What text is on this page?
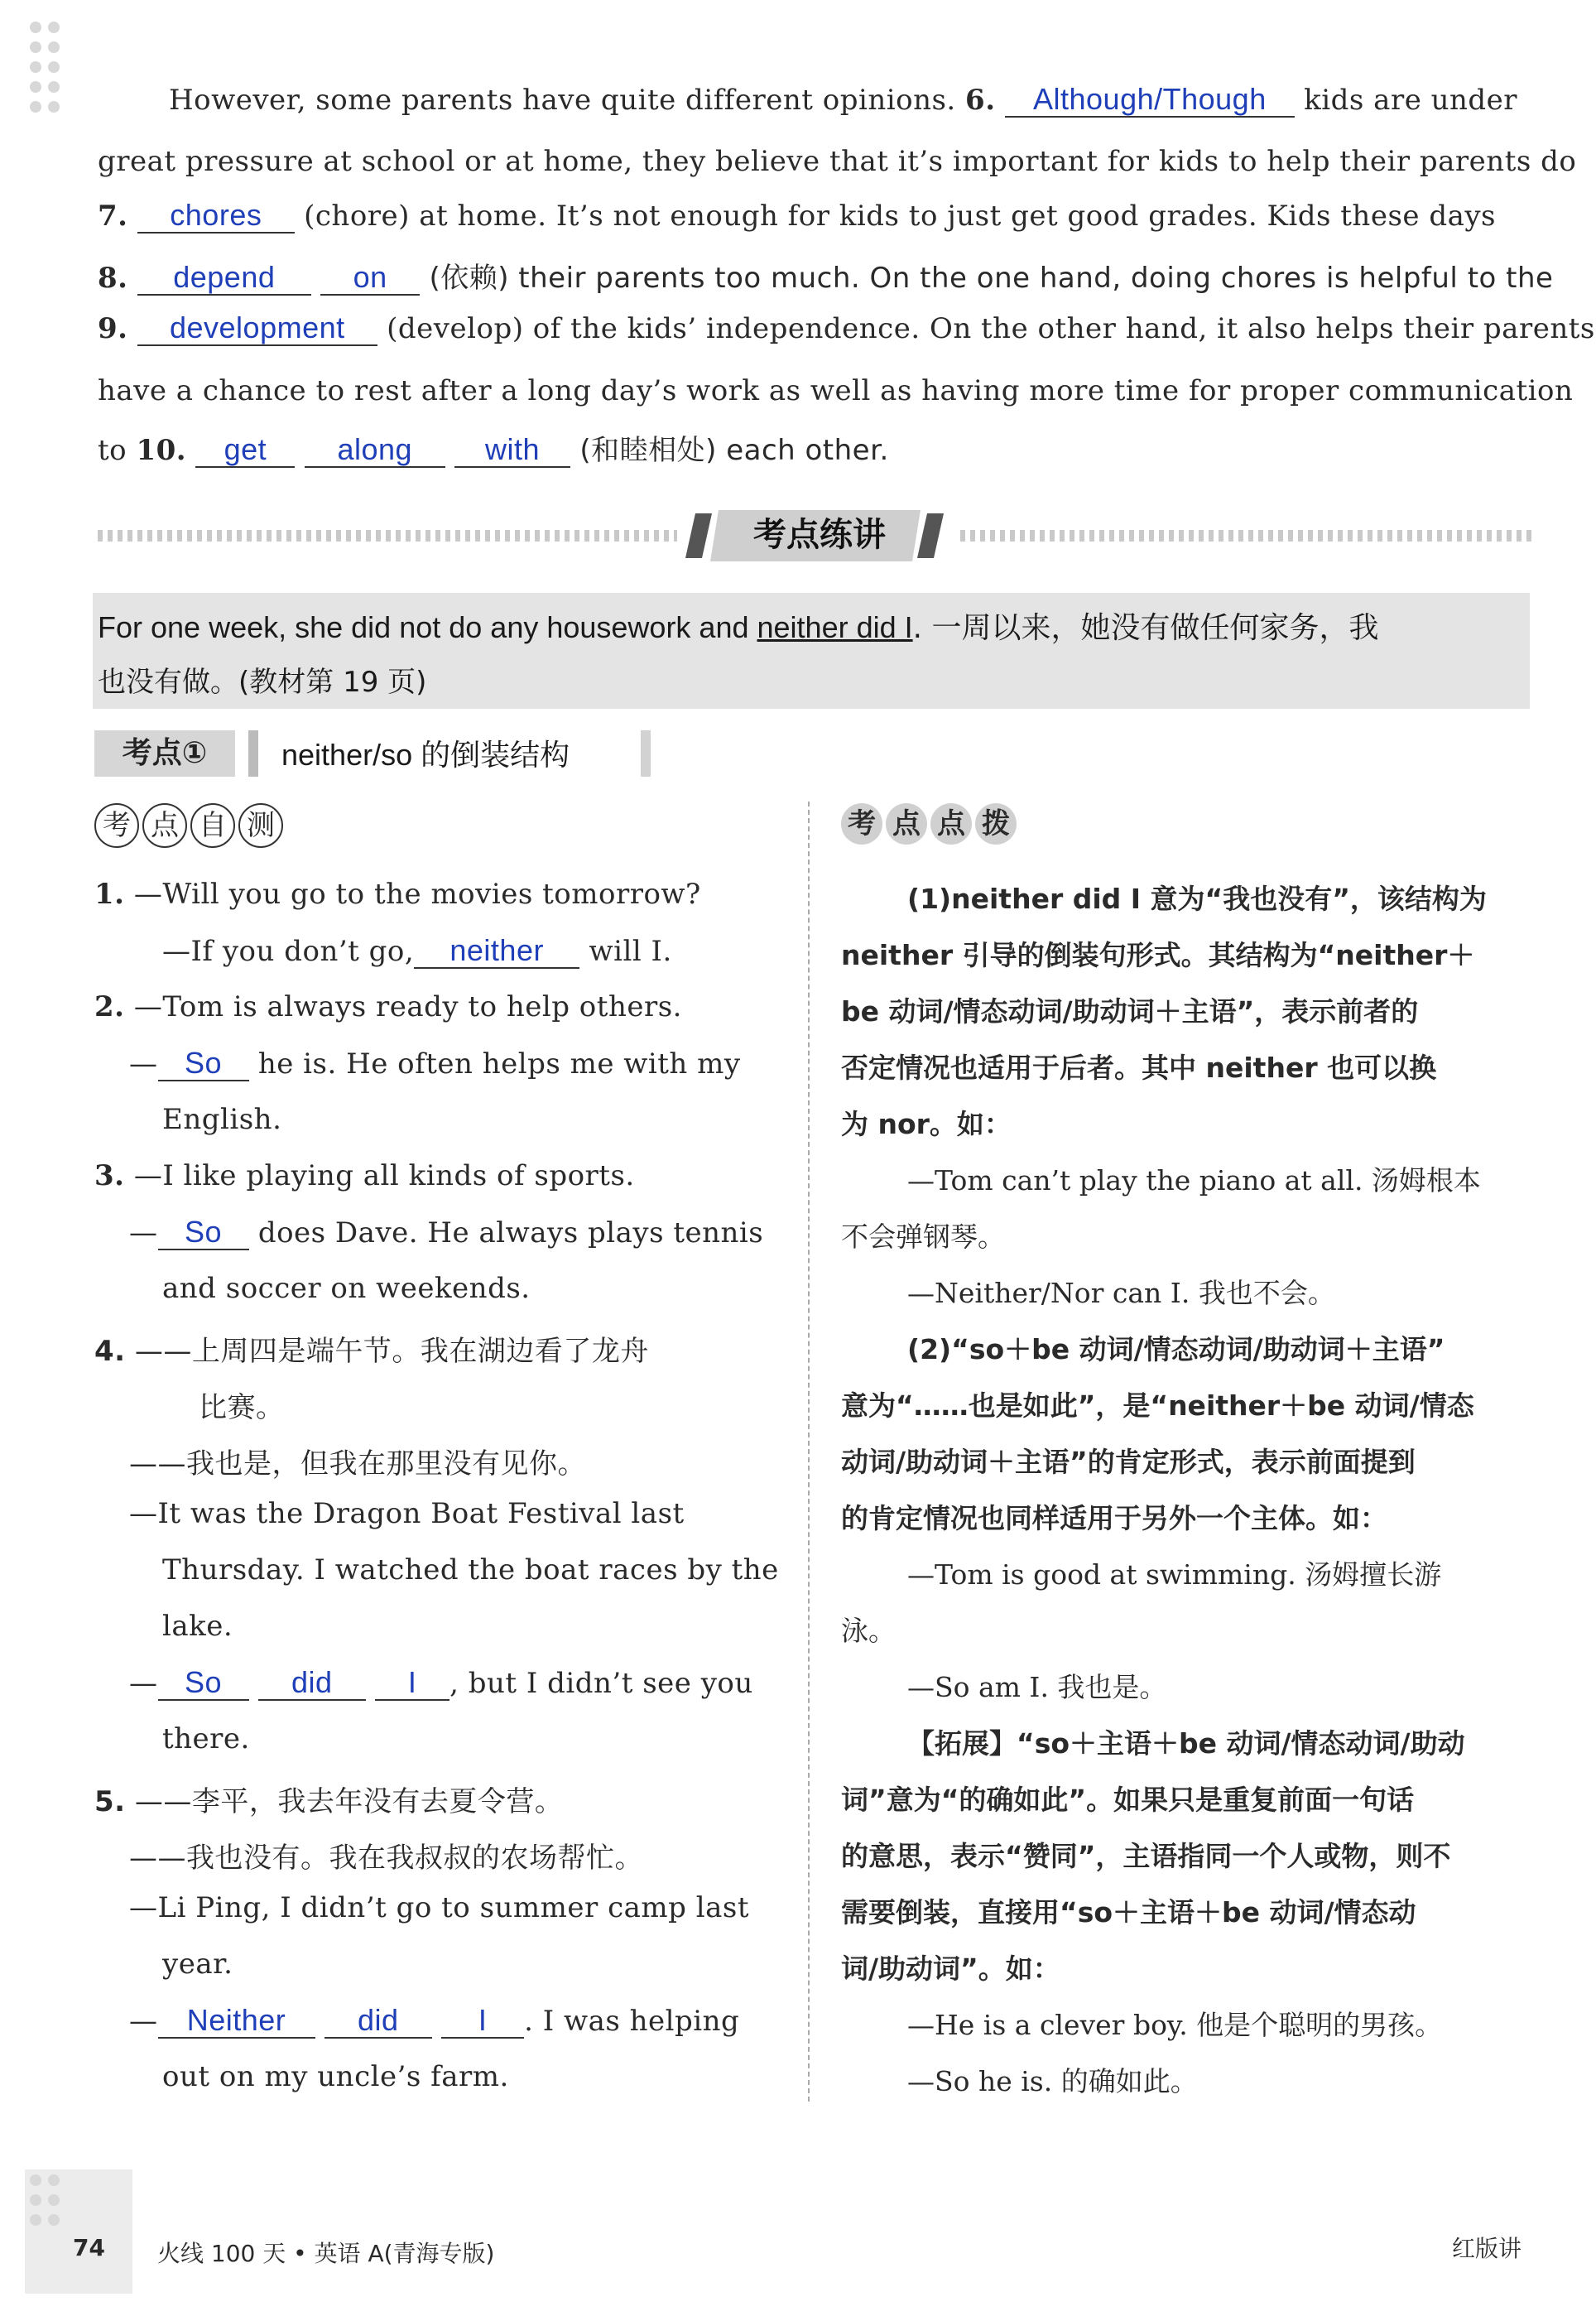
However, some parents have quite different opinions. 6. Although/Though kids are under
great pressure at school or at home, they believe that it’s important for kids to help their parents do
7. chores (chore) at home. It’s not enough for kids to just get good grades. Kids these days
8. depend	on (依赖) their parents too much. On the one hand, doing chores is helpful to the
9. development (develop) of the kids’ independence. On the other hand, it also helps their parents
have a chance to rest after a long day’s work as well as having more time for proper communication
to 10. get along with (和睦相处) each other.
考点练讲
For one week, she did not do any housework and neither did I. 一周以来，她没有做任何家务，我
也没有做。(教材第 19 页)
考点①	neither/so 的倒装结构
考 点 自 测
1. —Will you go to the movies tomorrow?
—If you don’t go, neither will I.
2. —Tom is always ready to help others.
— So he is. He often helps me with my
English.
3. —I like playing all kinds of sports.
— So does Dave. He always plays tennis
and soccer on weekends.
4. ——上周四是端午节。我在湖边看了龙舟
比赛。
——我也是，但我在那里没有见你。
—It was the Dragon Boat Festival last
Thursday. I watched the boat races by the
lake.
— So did	I , but I didn’t see you
there.
5. ——李平，我去年没有去夏令营。
——我也没有。我在我叔叔的农场帮忙。
—Li Ping, I didn’t go to summer camp last
year.
— Neither did	I . I was helping
out on my uncle’s farm.
考 点 点 拨
(1)neither did I 意为“我也没有”，该结构为
neither 引导的倒装句形式。其结构为“neither＋
be 动词/情态动词/助动词＋主语”，表示前者的
否定情况也适用于后者。其中 neither 也可以换
为 nor。如：
—Tom can’t play the piano at all. 汤姆根本
不会弹钢琴。
—Neither/Nor can I. 我也不会。
(2)“so＋be 动词/情态动词/助动词＋主语”
意为“……也是如此”，是“neither＋be 动词/情态
动词/助动词＋主语”的肯定形式，表示前面提到
的肯定情况也同样适用于另外一个主体。如：
—Tom is good at swimming. 汤姆擅长游
泳。
—So am I. 我也是。
【拓展】“so＋主语＋be 动词/情态动词/助动
词”意为“的确如此”。如果只是重复前面一句话
的意思，表示“赞同”，主语指同一个人或物，则不
需要倒装，直接用“so＋主语＋be 动词/情态动
词/助动词”。如：
—He is a clever boy. 他是个聪明的男孩。
—So he is. 的确如此。
74 火线 100 天 • 英语 A(青海专版)	红版讲
